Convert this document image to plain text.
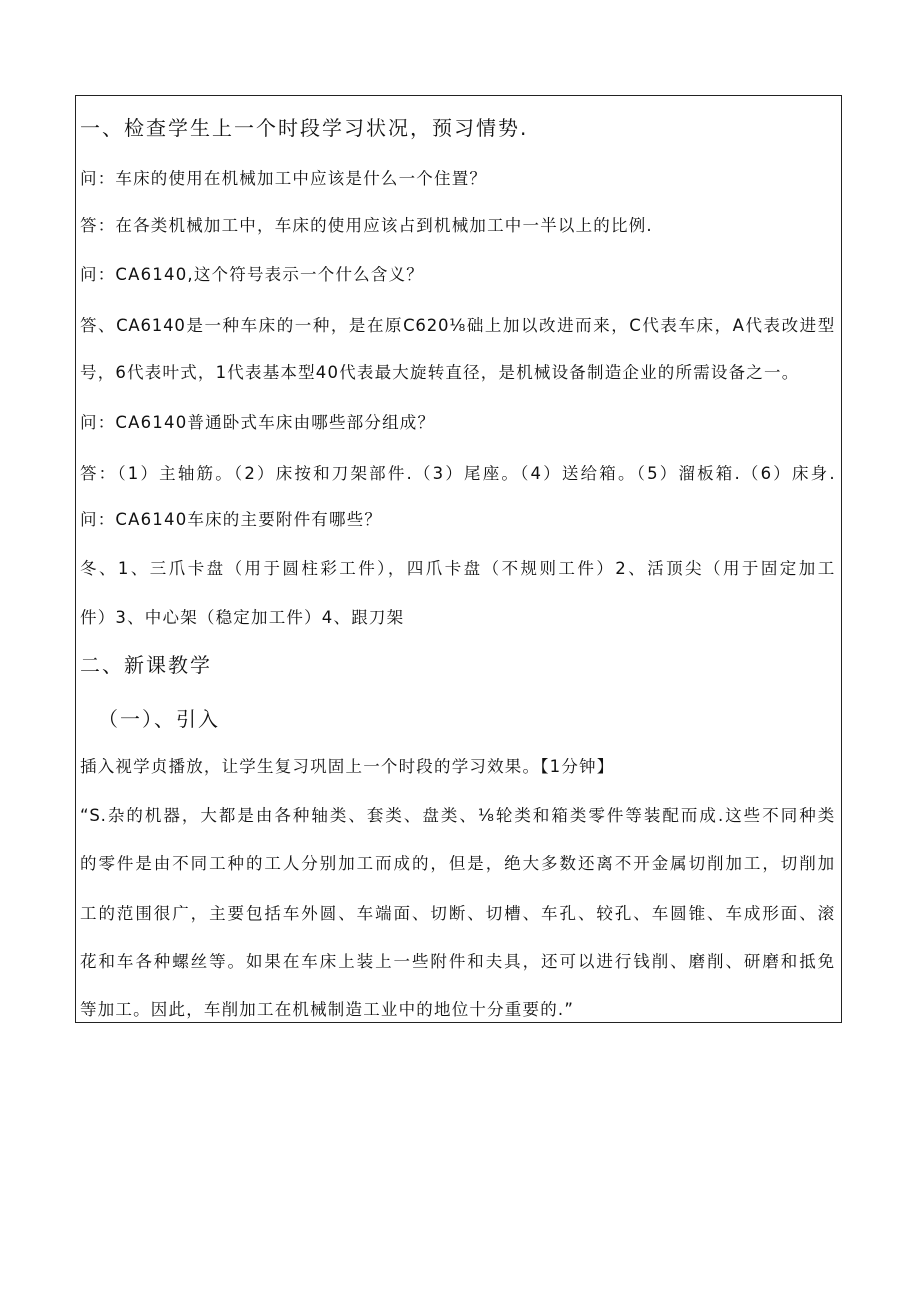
一、检查学生上一个时段学习状况，预习情势.
问：车床的使用在机械加工中应该是什么一个住置？
答：在各类机械加工中，车床的使用应该占到机械加工中一半以上的比例.
问：CA6140,这个符号表示一个什么含义？
答、CA6140是一种车床的一种，是在原C620⅛础上加以改进而来，C代表车床，A代表改进型
号，6代表叶式，1代表基本型40代表最大旋转直径，是机械设备制造企业的所需设备之一。
问：CA6140普通卧式车床由哪些部分组成？
答：（1）主轴筋。（2）床按和刀架部件.（3）尾座。（4）送给箱。（5）溜板箱.（6）床身.
问：CA6140车床的主要附件有哪些？
冬、1、三爪卡盘（用于圆柱彩工件），四爪卡盘（不规则工件）2、活顶尖（用于固定加工
件）3、中心架（稳定加工件）4、跟刀架
二、新课教学
（一）、引入
插入视学贞播放，让学生复习巩固上一个时段的学习效果。【1分钟】
“S.杂的机器，大都是由各种轴类、套类、盘类、⅛轮类和箱类零件等装配而成.这些不同种类
的零件是由不同工种的工人分别加工而成的，但是，绝大多数还离不开金属切削加工，切削加
工的范围很广，主要包括车外圆、车端面、切断、切槽、车孔、较孔、车圆锥、车成形面、滚
花和车各种螺丝等。如果在车床上装上一些附件和夫具，还可以进行钱削、磨削、研磨和抵免
等加工。因此，车削加工在机械制造工业中的地位十分重要的.”
